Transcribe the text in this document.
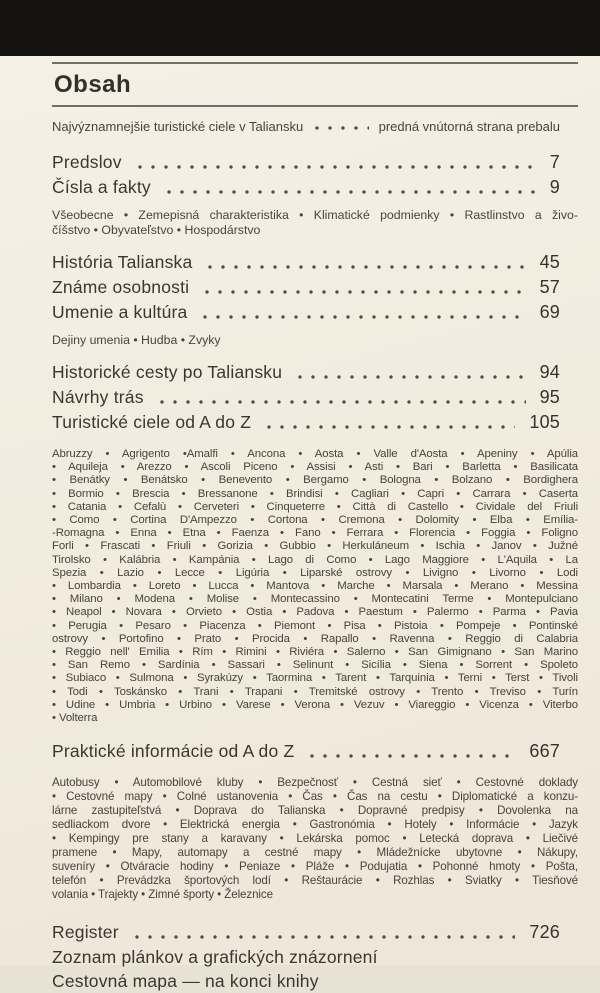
Obsah
Najvýznamnejšie turistické ciele v Taliansku	predná vnútorná strana prebalu
Predslov	7
Čísla a fakty	9
Všeobecne • Zemepisná charakteristika • Klimatické podmienky • Rastlinstvo a živo-
číšstvo • Obyvateľstvo • Hospodárstvo
História Talianska	45
Známe osobnosti	57
Umenie a kultúra	69
Dejiny umenia • Hudba • Zvyky
Historické cesty po Taliansku	94
Návrhy trás	95
Turistické ciele od A do Z	105
Abruzzy • Agrigento •Amalfi • Ancona • Aosta • Valle d'Aosta • Apeniny • Apúlia
• Aquileja • Arezzo • Ascoli Piceno • Assisi • Asti • Bari • Barletta • Basilicata
• Benátky • Benátsko • Benevento • Bergamo • Bologna • Bolzano • Bordighera
• Bormio • Brescia • Bressanone • Brindisi • Cagliari • Capri • Carrara • Caserta
• Catania • Cefalù • Cerveteri • Cinqueterre • Città di Castello • Cividale del Friuli
• Como • Cortina D'Ampezzo • Cortona • Cremona • Dolomity • Elba • Emília-
-Romagna • Enna • Etna • Faenza • Fano • Ferrara • Florencia • Foggia • Foligno
Forli • Frascati • Friuli • Gorizia • Gubbio • Herkuláneum • Ischia • Janov • Južné
Tirolsko • Kalábria • Kampánia • Lago di Como • Lago Maggiore • L'Aquila • La
Spezia • Lazio • Lecce • Ligúria • Liparské ostrovy • Livigno • Livorno • Lodi
• Lombardia • Loreto • Lucca • Mantova • Marche • Marsala • Merano • Messina
• Milano • Modena • Molise • Montecassino • Montecatini Terme • Montepulciano
• Neapol • Novara • Orvieto • Ostia • Padova • Paestum • Palermo • Parma • Pavia
• Perugia • Pesaro • Piacenza • Piemont • Pisa • Pistoia • Pompeje • Pontinské
ostrovy • Portofino • Prato • Procida • Rapallo • Ravenna • Reggio di Calabria
• Reggio nell' Emilia • Rím • Rimini • Riviéra • Salerno • San Gimignano • San Marino
• San Remo • Sardínia • Sassari • Selinunt • Sicília • Siena • Sorrent • Spoleto
• Subiaco • Sulmona • Syrakúzy • Taormina • Tarent • Tarquinia • Terni • Terst • Tivoli
• Todi • Toskánsko • Trani • Trapani • Tremitské ostrovy • Trento • Treviso • Turín
• Udine • Umbria • Urbino • Varese • Verona • Vezuv • Viareggio • Vicenza • Viterbo
• Volterra
Praktické informácie od A do Z	667
Autobusy • Automobilové kluby • Bezpečnosť • Cestná sieť • Cestovné doklady
• Cestovné mapy • Colné ustanovenia • Čas • Čas na cestu • Diplomatické a konzu-
lárne zastupiteľstvá • Doprava do Talianska • Dopravné predpisy • Dovolenka na
sedliackom dvore • Elektrická energia • Gastronómia • Hotely • Informácie • Jazyk
• Kempingy pre stany a karavany • Lekárska pomoc • Letecká doprava • Liečivé
pramene • Mapy, automapy a cestné mapy • Mládežnícke ubytovne • Nákupy,
suveníry • Otváracie hodiny • Peniaze • Pláže • Podujatia • Pohonné hmoty • Pošta,
telefón • Prevádzka športových lodí • Reštaurácie • Rozhlas • Sviatky • Tiesňové
volania • Trajekty • Zimné športy • Železnice
Register	726
Zoznam plánkov a grafických znázornení
Cestovná mapa — na konci knihy
